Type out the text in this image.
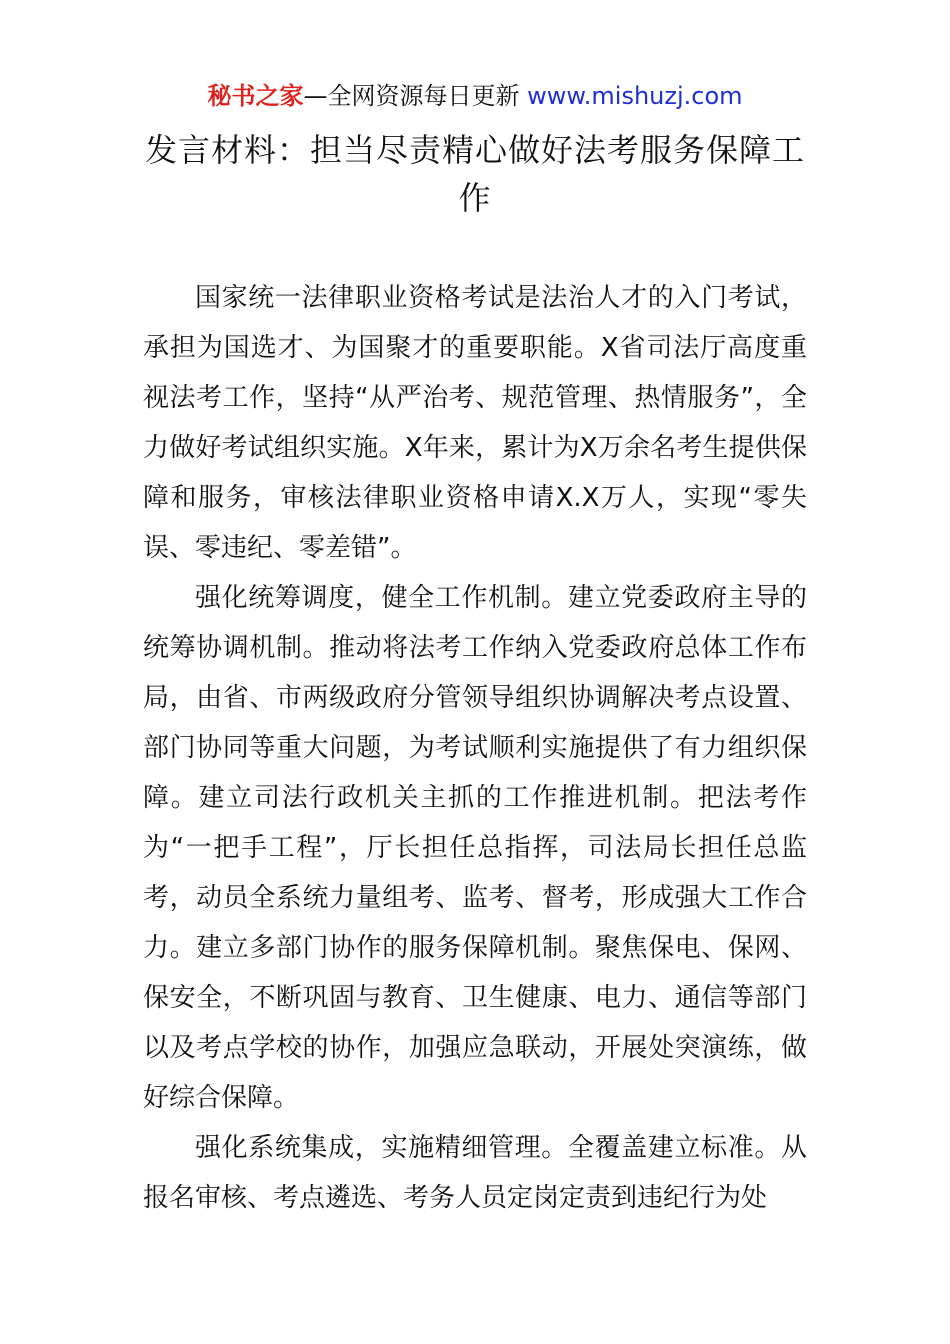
秘书之家—全网资源每日更新 www.mishuzj.com
发言材料：担当尽责精心做好法考服务保障工作

国家统一法律职业资格考试是法治人才的入门考试，承担为国选才、为国聚才的重要职能。X省司法厅高度重视法考工作，坚持“从严治考、规范管理、热情服务”，全力做好考试组织实施。X年来，累计为X万余名考生提供保障和服务，审核法律职业资格申请X.X万人，实现“零失误、零违纪、零差错”。

强化统筹调度，健全工作机制。建立党委政府主导的统筹协调机制。推动将法考工作纳入党委政府总体工作布局，由省、市两级政府分管领导组织协调解决考点设置、部门协同等重大问题，为考试顺利实施提供了有力组织保障。建立司法行政机关主抓的工作推进机制。把法考作为“一把手工程”，厅长担任总指挥，司法局长担任总监考，动员全系统力量组考、监考、督考，形成强大工作合力。建立多部门协作的服务保障机制。聚焦保电、保网、保安全，不断巩固与教育、卫生健康、电力、通信等部门以及考点学校的协作，加强应急联动，开展处突演练，做好综合保障。

强化系统集成，实施精细管理。全覆盖建立标准。从报名审核、考点遴选、考务人员定岗定责到违纪行为处
